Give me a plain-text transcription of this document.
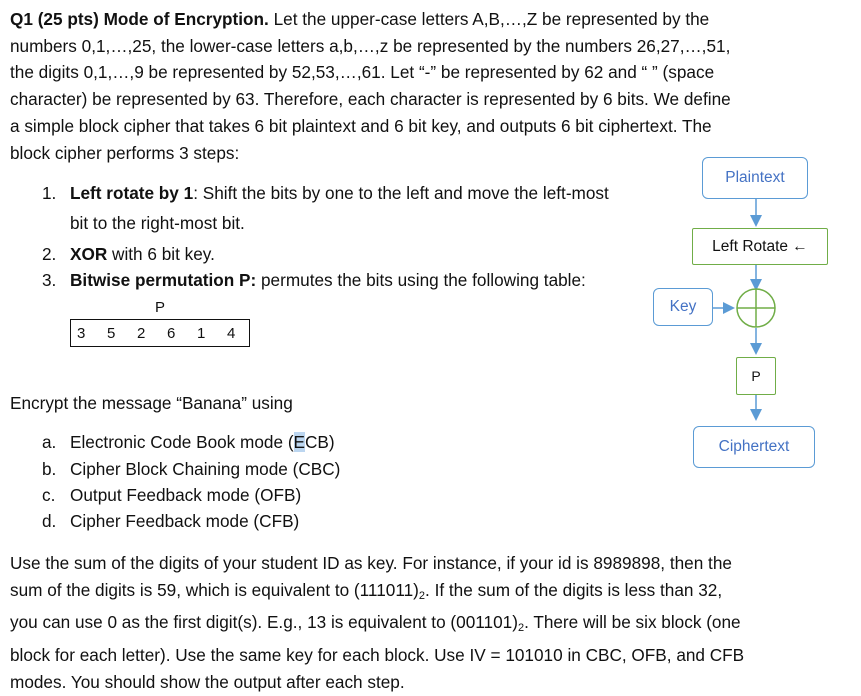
Q1 (25 pts) Mode of Encryption. Let the upper-case letters A,B,…,Z be represented by the
numbers 0,1,…,25, the lower-case letters a,b,…,z be represented by the numbers 26,27,…,51,
the digits 0,1,…,9 be represented by 52,53,…,61. Let “-” be represented by 62 and “ ” (space
character) be represented by 63. Therefore, each character is represented by 6 bits. We define
a simple block cipher that takes 6 bit plaintext and 6 bit key, and outputs 6 bit ciphertext. The
block cipher performs 3 steps:
1. Left rotate by 1: Shift the bits by one to the left and move the left-most
bit to the right-most bit.
2. XOR with 6 bit key.
3. Bitwise permutation P: permutes the bits using the following table:
P
3	5	2	6	1	4
Encrypt the message “Banana” using
a. Electronic Code Book mode (ECB)
b. Cipher Block Chaining mode (CBC)
c. Output Feedback mode (OFB)
d. Cipher Feedback mode (CFB)
Use the sum of the digits of your student ID as key. For instance, if your id is 8989898, then the
sum of the digits is 59, which is equivalent to $(111011)_2$. If the sum of the digits is less than 32,
you can use 0 as the first digit(s). E.g., 13 is equivalent to $(001101)_2$. There will be six block (one
block for each letter). Use the same key for each block. Use IV = 101010 in CBC, OFB, and CFB
modes. You should show the output after each step.
Plaintext
Left Rotate ←
Key
P
Ciphertext
